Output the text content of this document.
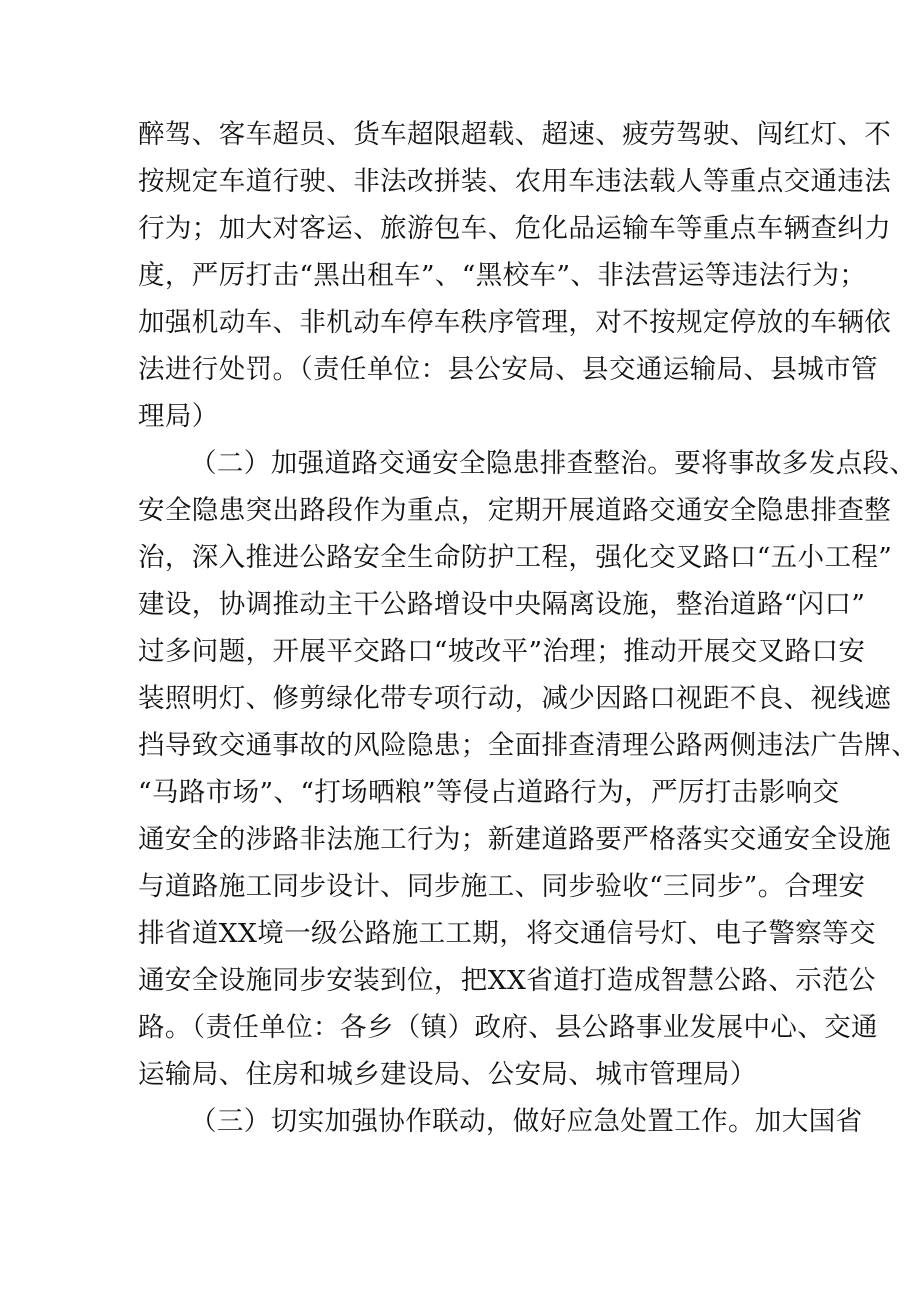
醉驾、客车超员、货车超限超载、超速、疲劳驾驶、闯红灯、不
按规定车道行驶、非法改拼装、农用车违法载人等重点交通违法
行为；加大对客运、旅游包车、危化品运输车等重点车辆查纠力
度，严厉打击“黑出租车”、“黑校车”、非法营运等违法行为；
加强机动车、非机动车停车秩序管理，对不按规定停放的车辆依
法进行处罚。（责任单位：县公安局、县交通运输局、县城市管
理局）
（二）加强道路交通安全隐患排查整治。要将事故多发点段、
安全隐患突出路段作为重点，定期开展道路交通安全隐患排查整
治，深入推进公路安全生命防护工程，强化交叉路口“五小工程”
建设，协调推动主干公路增设中央隔离设施，整治道路“闪口”
过多问题，开展平交路口“坡改平”治理；推动开展交叉路口安
装照明灯、修剪绿化带专项行动，减少因路口视距不良、视线遮
挡导致交通事故的风险隐患；全面排查清理公路两侧违法广告牌、
“马路市场”、“打场晒粮”等侵占道路行为，严厉打击影响交
通安全的涉路非法施工行为；新建道路要严格落实交通安全设施
与道路施工同步设计、同步施工、同步验收“三同步”。合理安
排省道XX境一级公路施工工期，将交通信号灯、电子警察等交
通安全设施同步安装到位，把XX省道打造成智慧公路、示范公
路。（责任单位：各乡（镇）政府、县公路事业发展中心、交通
运输局、住房和城乡建设局、公安局、城市管理局）
（三）切实加强协作联动，做好应急处置工作。加大国省
